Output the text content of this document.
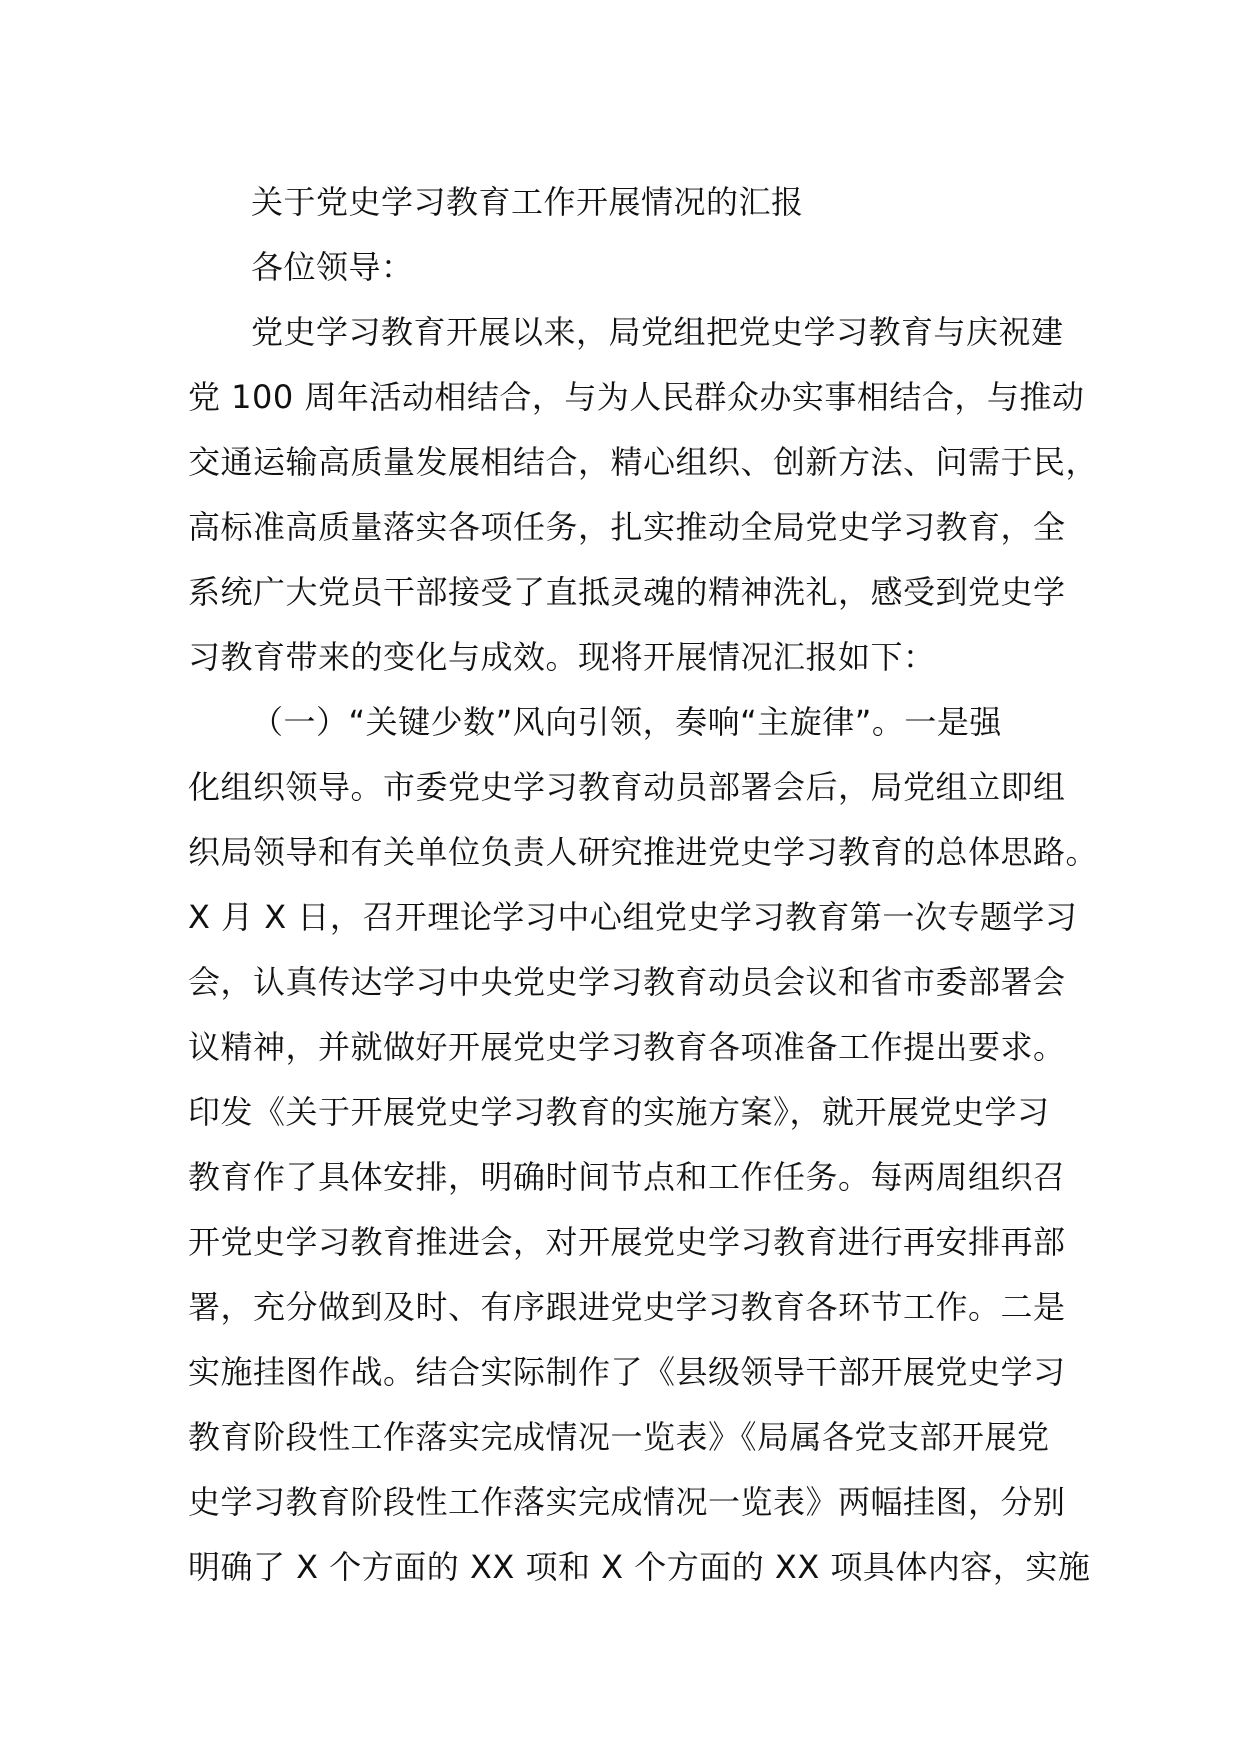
关于党史学习教育工作开展情况的汇报
各位领导：
党史学习教育开展以来，局党组把党史学习教育与庆祝建
党 100 周年活动相结合，与为人民群众办实事相结合，与推动
交通运输高质量发展相结合，精心组织、创新方法、问需于民，
高标准高质量落实各项任务，扎实推动全局党史学习教育，全
系统广大党员干部接受了直抵灵魂的精神洗礼，感受到党史学
习教育带来的变化与成效。现将开展情况汇报如下：
（一）“关键少数”风向引领，奏响“主旋律”。一是强
化组织领导。市委党史学习教育动员部署会后，局党组立即组
织局领导和有关单位负责人研究推进党史学习教育的总体思路。
X 月 X 日，召开理论学习中心组党史学习教育第一次专题学习
会，认真传达学习中央党史学习教育动员会议和省市委部署会
议精神，并就做好开展党史学习教育各项准备工作提出要求。
印发《关于开展党史学习教育的实施方案》，就开展党史学习
教育作了具体安排，明确时间节点和工作任务。每两周组织召
开党史学习教育推进会，对开展党史学习教育进行再安排再部
署，充分做到及时、有序跟进党史学习教育各环节工作。二是
实施挂图作战。结合实际制作了《县级领导干部开展党史学习
教育阶段性工作落实完成情况一览表》《局属各党支部开展党
史学习教育阶段性工作落实完成情况一览表》两幅挂图，分别
明确了 X 个方面的 XX 项和 X 个方面的 XX 项具体内容，实施
